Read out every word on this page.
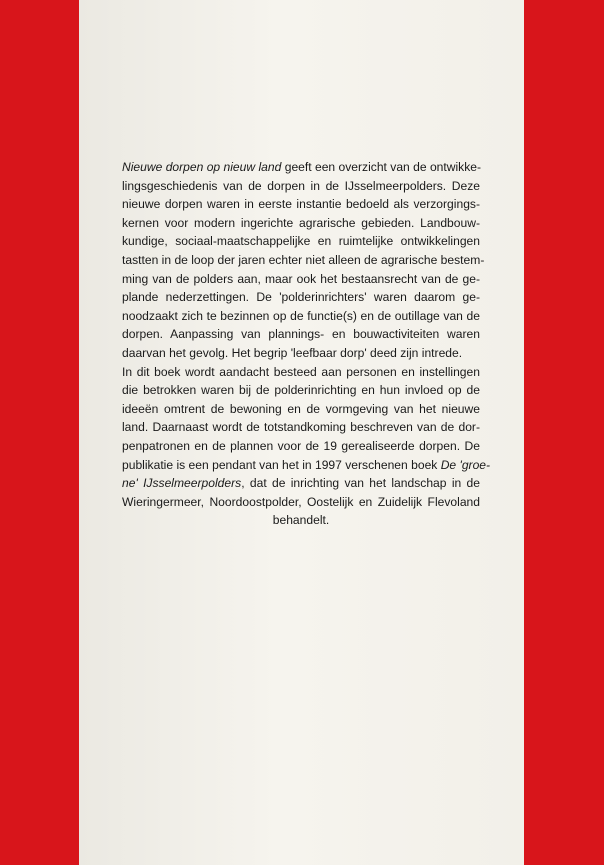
Nieuwe dorpen op nieuw land geeft een overzicht van de ontwikke-
lingsgeschiedenis van de dorpen in de IJsselmeerpolders. Deze
nieuwe dorpen waren in eerste instantie bedoeld als verzorgings-
kernen voor modern ingerichte agrarische gebieden. Landbouw-
kundige, sociaal-maatschappelijke en ruimtelijke ontwikkelingen
tastten in de loop der jaren echter niet alleen de agrarische bestem-
ming van de polders aan, maar ook het bestaansrecht van de ge-
plande nederzettingen. De 'polderinrichters' waren daarom ge-
noodzaakt zich te bezinnen op de functie(s) en de outillage van de
dorpen. Aanpassing van plannings- en bouwactiviteiten waren
daarvan het gevolg. Het begrip 'leefbaar dorp' deed zijn intrede.
In dit boek wordt aandacht besteed aan personen en instellingen
die betrokken waren bij de polderinrichting en hun invloed op de
ideeën omtrent de bewoning en de vormgeving van het nieuwe
land. Daarnaast wordt de totstandkoming beschreven van de dor-
penpatronen en de plannen voor de 19 gerealiseerde dorpen. De
publikatie is een pendant van het in 1997 verschenen boek De 'groe-
ne' IJsselmeerpolders, dat de inrichting van het landschap in de
Wieringermeer, Noordoostpolder, Oostelijk en Zuidelijk Flevoland
behandelt.
